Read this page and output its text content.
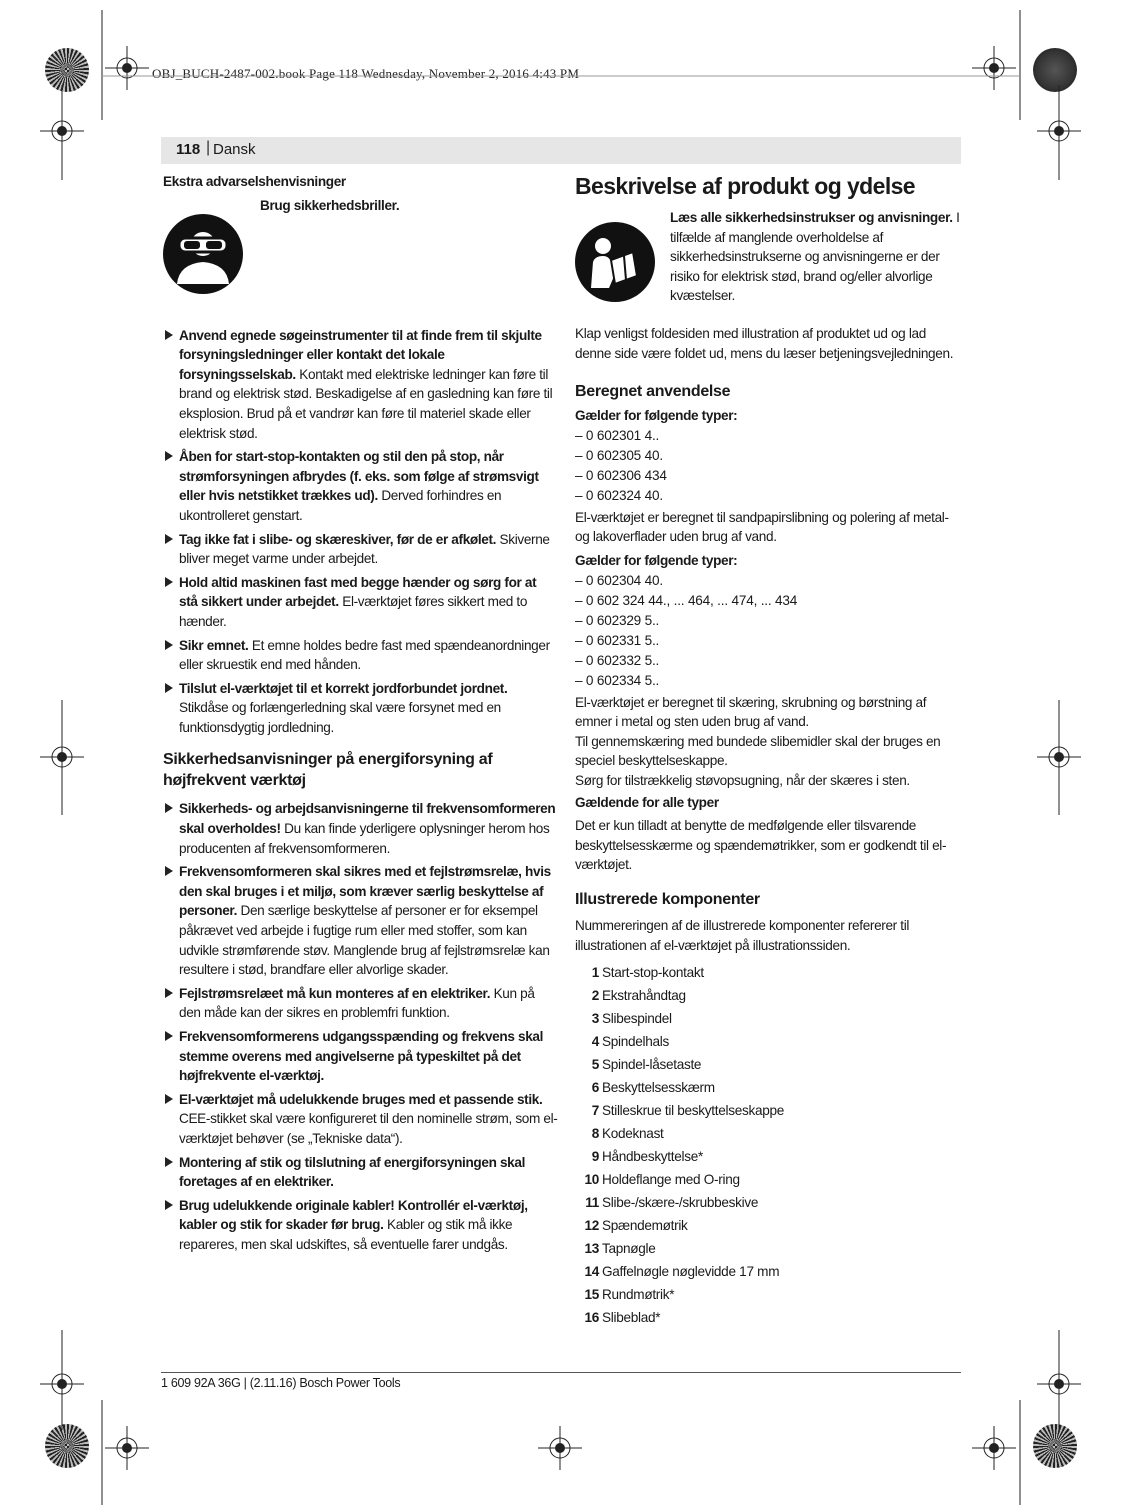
OBJ_BUCH-2487-002.book Page 118 Wednesday, November 2, 2016 4:43 PM
118 | Dansk
Ekstra advarselshenvisninger
Brug sikkerhedsbriller.
Anvend egnede søgeinstrumenter til at finde frem til skjulte forsyningsledninger eller kontakt det lokale forsyningsselskab. Kontakt med elektriske ledninger kan føre til brand og elektrisk stød. Beskadigelse af en gasledning kan føre til eksplosion. Brud på et vandrør kan føre til materiel skade eller elektrisk stød.
Åben for start-stop-kontakten og stil den på stop, når strømforsyningen afbrydes (f. eks. som følge af strømsvigt eller hvis netstikket trækkes ud). Derved forhindres en ukontrolleret genstart.
Tag ikke fat i slibe- og skæreskiver, før de er afkølet. Skiverne bliver meget varme under arbejdet.
Hold altid maskinen fast med begge hænder og sørg for at stå sikkert under arbejdet. El-værktøjet føres sikkert med to hænder.
Sikr emnet. Et emne holdes bedre fast med spændeanordninger eller skruestik end med hånden.
Tilslut el-værktøjet til et korrekt jordforbundet jordnet. Stikdåse og forlængerledning skal være forsynet med en funktionsdygtig jordledning.
Sikkerhedsanvisninger på energiforsyning af højfrekvent værktøj
Sikkerheds- og arbejdsanvisningerne til frekvensomformeren skal overholdes! Du kan finde yderligere oplysninger herom hos producenten af frekvensomformeren.
Frekvensomformeren skal sikres med et fejlstrømsrelæ, hvis den skal bruges i et miljø, som kræver særlig beskyttelse af personer. Den særlige beskyttelse af personer er for eksempel påkrævet ved arbejde i fugtige rum eller med stoffer, som kan udvikle strømførende støv. Manglende brug af fejlstrømsrelæ kan resultere i stød, brandfare eller alvorlige skader.
Fejlstrømsrelæet må kun monteres af en elektriker. Kun på den måde kan der sikres en problemfri funktion.
Frekvensomformerens udgangsspænding og frekvens skal stemme overens med angivelserne på typeskiltet på det højfrekvente el-værktøj.
El-værktøjet må udelukkende bruges med et passende stik. CEE-stikket skal være konfigureret til den nominelle strøm, som el-værktøjet behøver (se „Tekniske data“).
Montering af stik og tilslutning af energiforsyningen skal foretages af en elektriker.
Brug udelukkende originale kabler! Kontrollér el-værktøj, kabler og stik for skader før brug. Kabler og stik må ikke repareres, men skal udskiftes, så eventuelle farer undgås.
Beskrivelse af produkt og ydelse
Læs alle sikkerhedsinstrukser og anvisninger. I tilfælde af manglende overholdelse af sikkerhedsinstrukserne og anvisningerne er der risiko for elektrisk stød, brand og/eller alvorlige kvæstelser.
Klap venligst foldesiden med illustration af produktet ud og lad denne side være foldet ud, mens du læser betjeningsvejledningen.
Beregnet anvendelse
Gælder for følgende typer:
– 0 602301 4..
– 0 602305 40.
– 0 602306 434
– 0 602324 40.
El-værktøjet er beregnet til sandpapirslibning og polering af metal- og lakoverflader uden brug af vand.
Gælder for følgende typer:
– 0 602304 40.
– 0 602 324 44., ... 464, ... 474, ... 434
– 0 602329 5..
– 0 602331 5..
– 0 602332 5..
– 0 602334 5..
El-værktøjet er beregnet til skæring, skrubning og børstning af emner i metal og sten uden brug af vand.
Til gennemskæring med bundede slibemidler skal der bruges en speciel beskyttelseskappe.
Sørg for tilstrækkelig støvopsugning, når der skæres i sten.
Gældende for alle typer
Det er kun tilladt at benytte de medfølgende eller tilsvarende beskyttelsesskærme og spændemøtrikker, som er godkendt til el-værktøjet.
Illustrerede komponenter
Nummereringen af de illustrerede komponenter refererer til illustrationen af el-værktøjet på illustrationssiden.
1 Start-stop-kontakt
2 Ekstrahåndtag
3 Slibespindel
4 Spindelhals
5 Spindel-låsetaste
6 Beskyttelsesskærm
7 Stilleskrue til beskyttelseskappe
8 Kodeknast
9 Håndbeskyttelse*
10 Holdeflange med O-ring
11 Slibe-/skære-/skrubbeskive
12 Spændemøtrik
13 Tapnøgle
14 Gaffelnøgle nøglevidde 17 mm
15 Rundmøtrik*
16 Slibeblad*
1 609 92A 36G | (2.11.16) Bosch Power Tools
